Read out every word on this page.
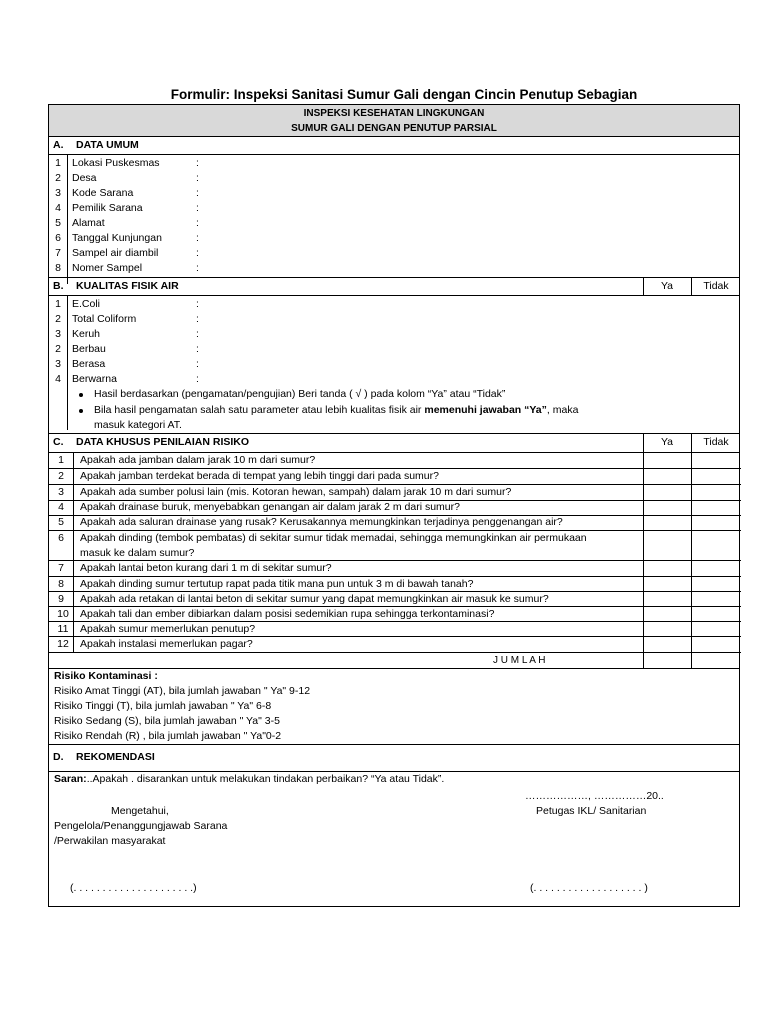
Formulir: Inspeksi Sanitasi Sumur Gali dengan Cincin Penutup Sebagian
INSPEKSI KESEHATAN LINGKUNGAN
SUMUR GALI DENGAN PENUTUP PARSIAL
A. DATA UMUM
1	Lokasi Puskesmas	:
2	Desa	:
3	Kode Sarana	:
4	Pemilik Sarana	:
5	Alamat	:
6	Tanggal Kunjungan	:
7	Sampel air diambil	:
8	Nomer Sampel	:
B. KUALITAS FISIK AIR	Ya	Tidak
1	E.Coli	:
2	Total Coliform	:
3	Keruh	:
2	Berbau	:
3	Berasa	:
4	Berwarna	:
Hasil berdasarkan (pengamatan/pengujian) Beri tanda ( √ ) pada kolom “Ya” atau “Tidak”
Bila hasil pengamatan salah satu parameter atau lebih kualitas fisik air memenuhi jawaban “Ya”, maka
masuk kategori AT.
C. DATA KHUSUS PENILAIAN RISIKO	Ya	Tidak
1	Apakah ada jamban dalam jarak 10 m dari sumur?
2	Apakah jamban terdekat berada di tempat yang lebih tinggi dari pada sumur?
3	Apakah ada sumber polusi lain (mis. Kotoran hewan, sampah) dalam jarak 10 m dari sumur?
4	Apakah drainase buruk, menyebabkan genangan air dalam jarak 2 m dari sumur?
5	Apakah ada saluran drainase yang rusak? Kerusakannya memungkinkan terjadinya penggenangan air?
6	Apakah dinding (tembok pembatas) di sekitar sumur tidak memadai, sehingga memungkinkan air permukaan
masuk ke dalam sumur?
7	Apakah lantai beton kurang dari 1 m di sekitar sumur?
8	Apakah dinding sumur tertutup rapat pada titik mana pun untuk 3 m di bawah tanah?
9	Apakah ada retakan di lantai beton di sekitar sumur yang dapat memungkinkan air masuk ke sumur?
10	Apakah tali dan ember dibiarkan dalam posisi sedemikian rupa sehingga terkontaminasi?
11	Apakah sumur memerlukan penutup?
12	Apakah instalasi memerlukan pagar?
J U M L A H
Risiko Kontaminasi :
Risiko Amat Tinggi (AT), bila jumlah jawaban " Ya" 9-12
Risiko Tinggi (T), bila jumlah jawaban " Ya" 6-8
Risiko Sedang (S), bila jumlah jawaban " Ya" 3-5
Risiko Rendah (R) , bila jumlah jawaban " Ya"0-2
D. REKOMENDASI
Saran:..Apakah . disarankan untuk melakukan tindakan perbaikan? “Ya atau Tidak”.
………………, ……………20..
Mengetahui,	Petugas IKL/ Sanitarian
Pengelola/Penanggungjawab Sarana
/Perwakilan masyarakat
(. . . . . . . . . . . . . . . . . . . . .)	(. . . . . . . . . . . . . . . . . . . )
